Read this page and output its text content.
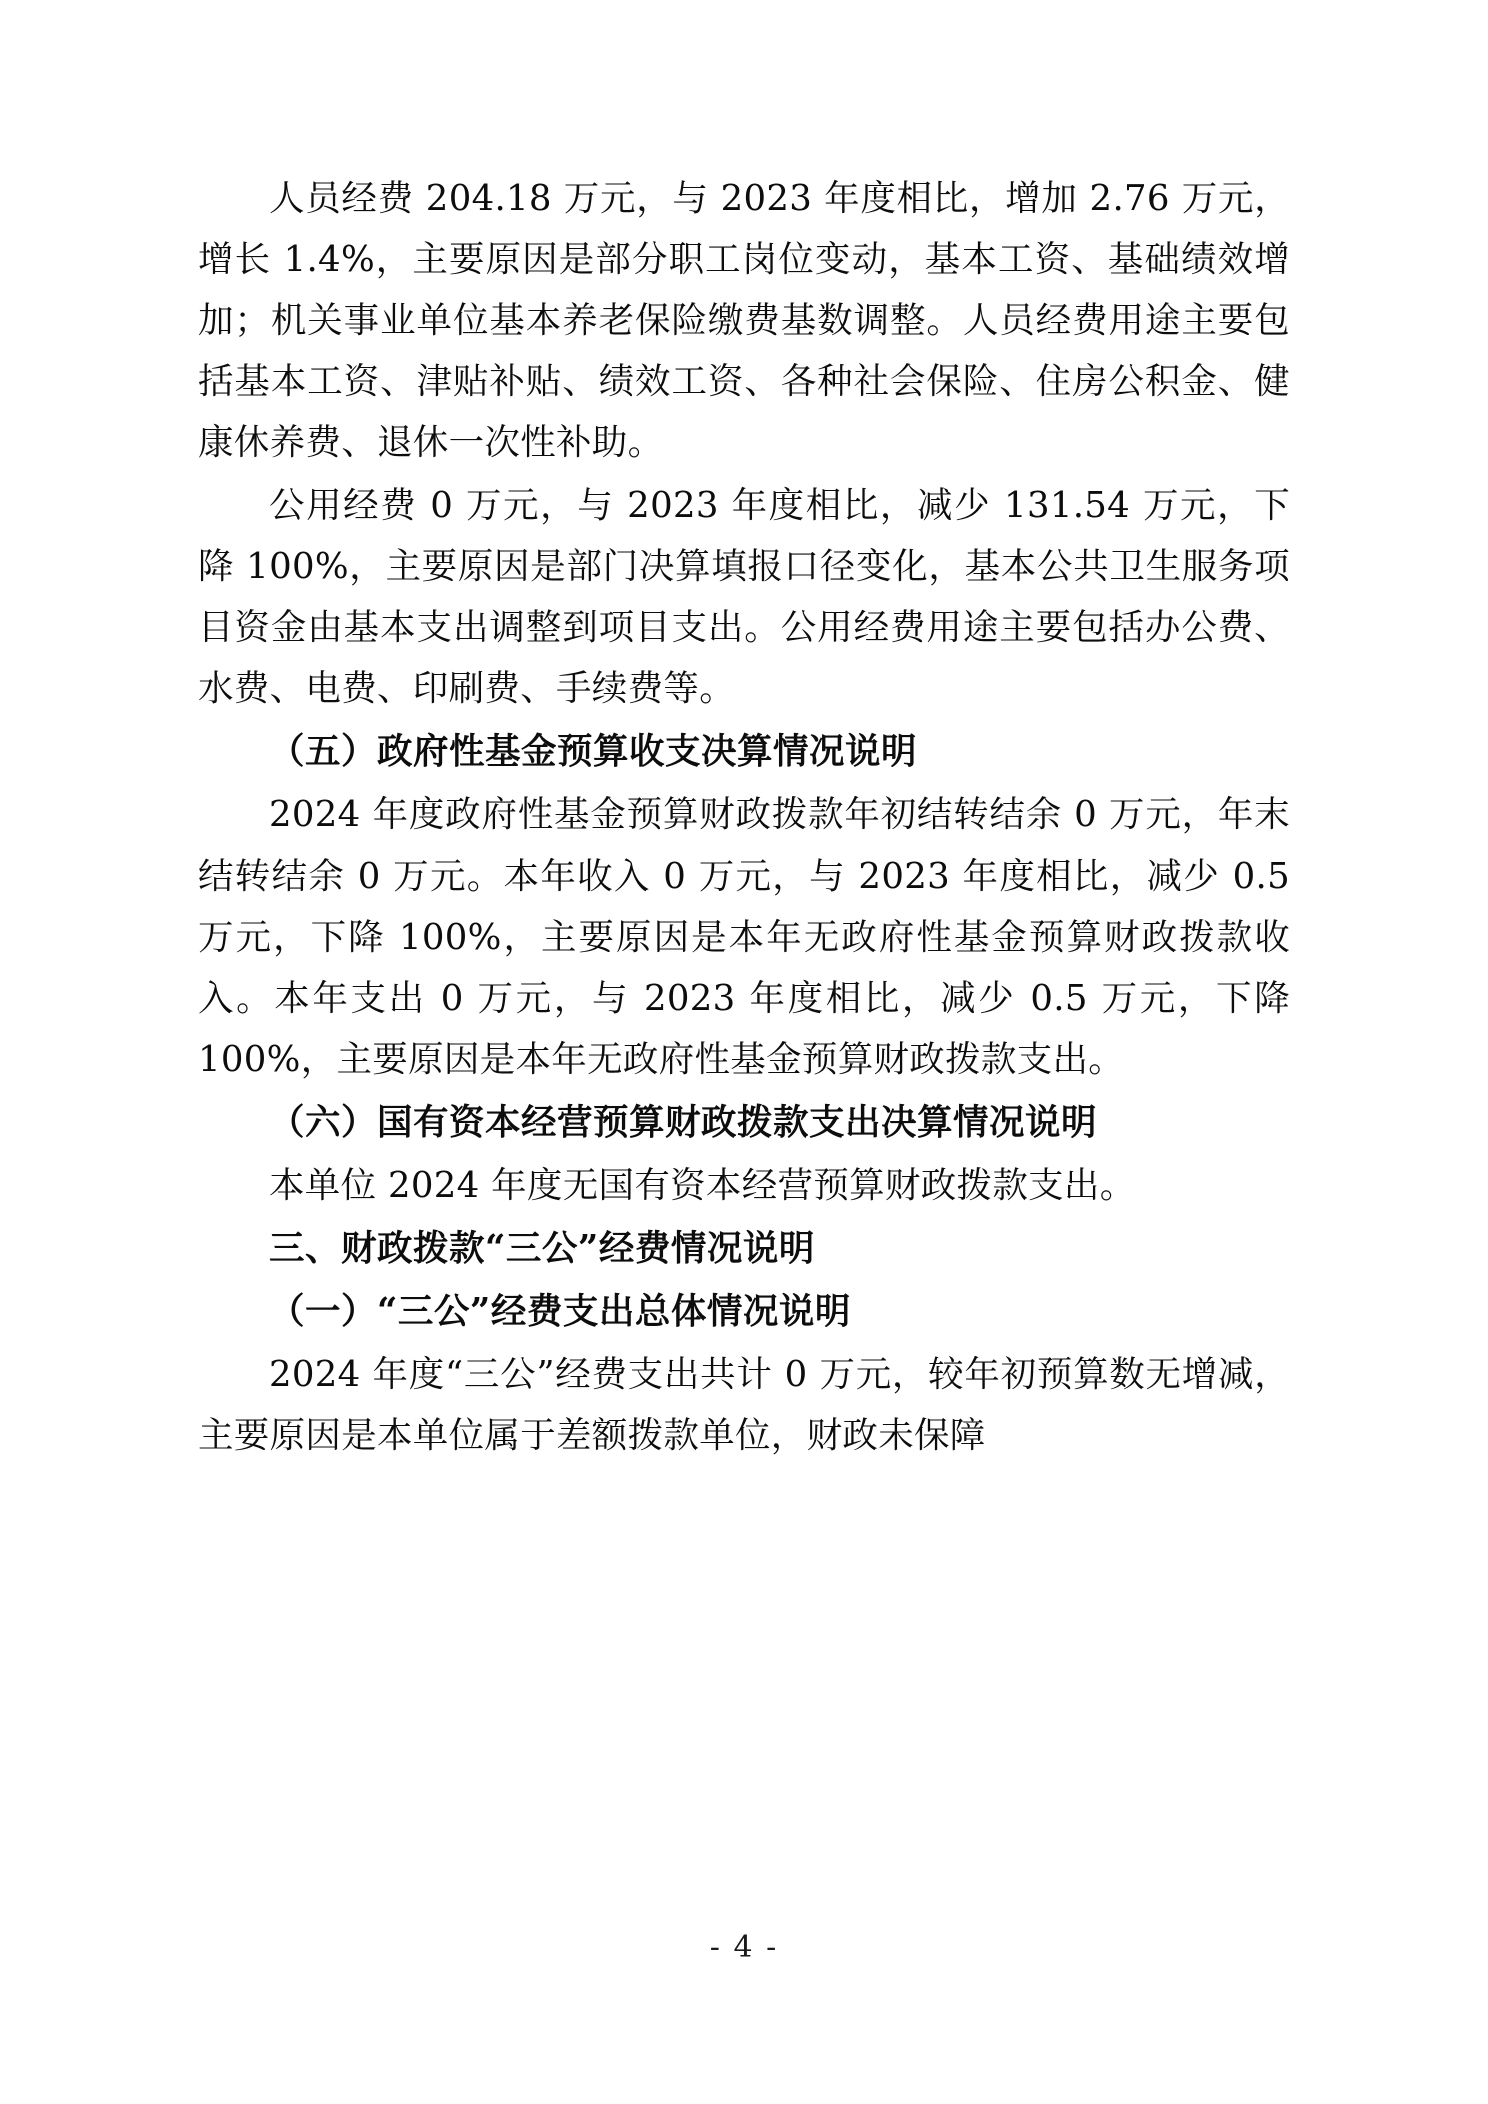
人员经费 204.18 万元，与 2023 年度相比，增加 2.76 万元，增长 1.4%，主要原因是部分职工岗位变动，基本工资、基础绩效增加；机关事业单位基本养老保险缴费基数调整。人员经费用途主要包括基本工资、津贴补贴、绩效工资、各种社会保险、住房公积金、健康休养费、退休一次性补助。

公用经费 0 万元，与 2023 年度相比，减少 131.54 万元，下降 100%，主要原因是部门决算填报口径变化，基本公共卫生服务项目资金由基本支出调整到项目支出。公用经费用途主要包括办公费、水费、电费、印刷费、手续费等。

（五）政府性基金预算收支决算情况说明

2024 年度政府性基金预算财政拨款年初结转结余 0 万元，年末结转结余 0 万元。本年收入 0 万元，与 2023 年度相比，减少 0.5 万元，下降 100%，主要原因是本年无政府性基金预算财政拨款收入。本年支出 0 万元，与 2023 年度相比，减少 0.5 万元，下降 100%，主要原因是本年无政府性基金预算财政拨款支出。

（六）国有资本经营预算财政拨款支出决算情况说明

本单位 2024 年度无国有资本经营预算财政拨款支出。

三、财政拨款“三公”经费情况说明

（一）“三公”经费支出总体情况说明

2024 年度“三公”经费支出共计 0 万元，较年初预算数无增减，主要原因是本单位属于差额拨款单位，财政未保障

- 4 -
